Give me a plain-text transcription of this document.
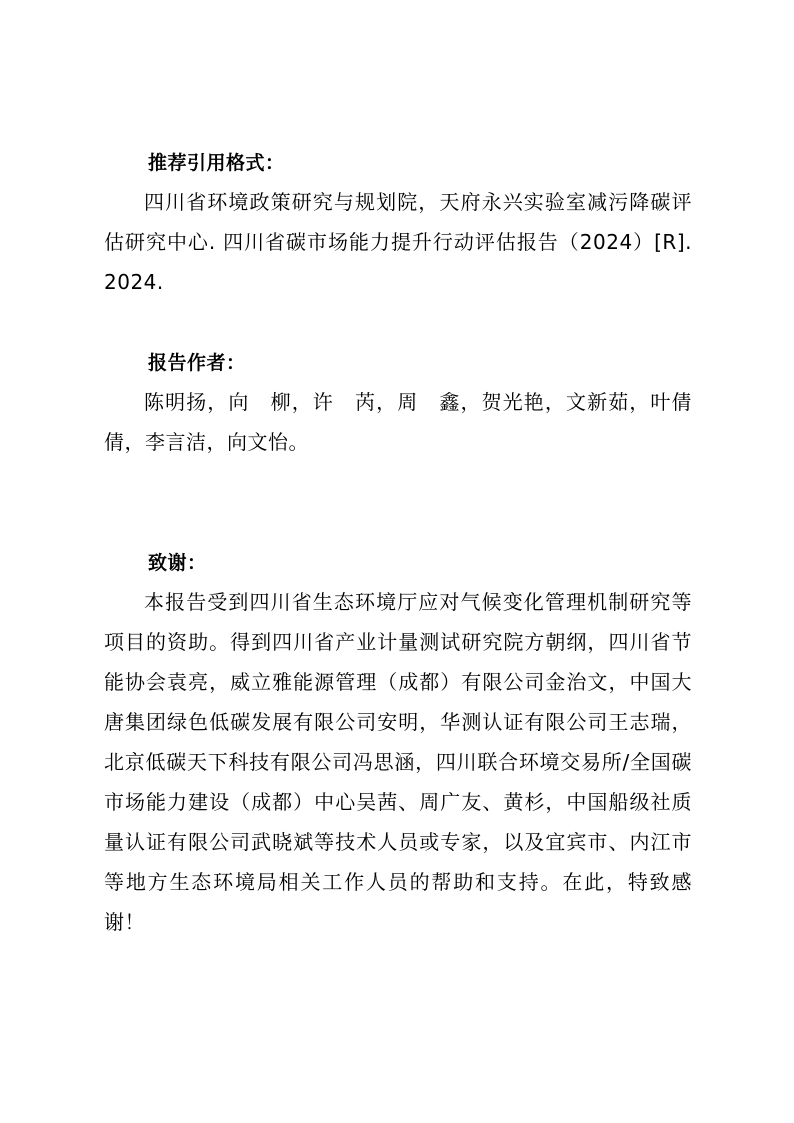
推荐引用格式：

四川省环境政策研究与规划院，天府永兴实验室减污降碳评估研究中心. 四川省碳市场能力提升行动评估报告（2024）[R]. 2024.

报告作者：

陈明扬，向　柳，许　芮，周　鑫，贺光艳，文新茹，叶倩倩，李言洁，向文怡。

致谢：

本报告受到四川省生态环境厅应对气候变化管理机制研究等项目的资助。得到四川省产业计量测试研究院方朝纲，四川省节能协会袁亮，威立雅能源管理（成都）有限公司金治文，中国大唐集团绿色低碳发展有限公司安明，华测认证有限公司王志瑞，北京低碳天下科技有限公司冯思涵，四川联合环境交易所/全国碳市场能力建设（成都）中心吴茜、周广友、黄杉，中国船级社质量认证有限公司武晓斌等技术人员或专家，以及宜宾市、内江市等地方生态环境局相关工作人员的帮助和支持。在此，特致感谢！
